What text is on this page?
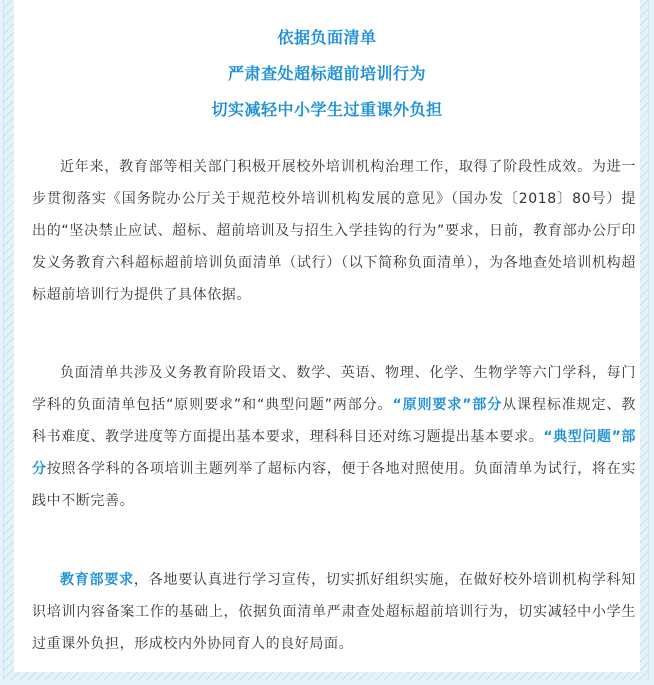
依据负面清单
严肃查处超标超前培训行为
切实减轻中小学生过重课外负担

近年来，教育部等相关部门积极开展校外培训机构治理工作，取得了阶段性成效。为进一步贯彻落实《国务院办公厅关于规范校外培训机构发展的意见》（国办发〔2018〕80号）提出的“坚决禁止应试、超标、超前培训及与招生入学挂钩的行为”要求，日前，教育部办公厅印发义务教育六科超标超前培训负面清单（试行）（以下简称负面清单），为各地查处培训机构超标超前培训行为提供了具体依据。

负面清单共涉及义务教育阶段语文、数学、英语、物理、化学、生物学等六门学科，每门学科的负面清单包括“原则要求”和“典型问题”两部分。“原则要求”部分从课程标准规定、教科书难度、教学进度等方面提出基本要求，理科科目还对练习题提出基本要求。“典型问题”部分按照各学科的各项培训主题列举了超标内容，便于各地对照使用。负面清单为试行，将在实践中不断完善。

教育部要求，各地要认真进行学习宣传，切实抓好组织实施，在做好校外培训机构学科知识培训内容备案工作的基础上，依据负面清单严肃查处超标超前培训行为，切实减轻中小学生过重课外负担，形成校内外协同育人的良好局面。
